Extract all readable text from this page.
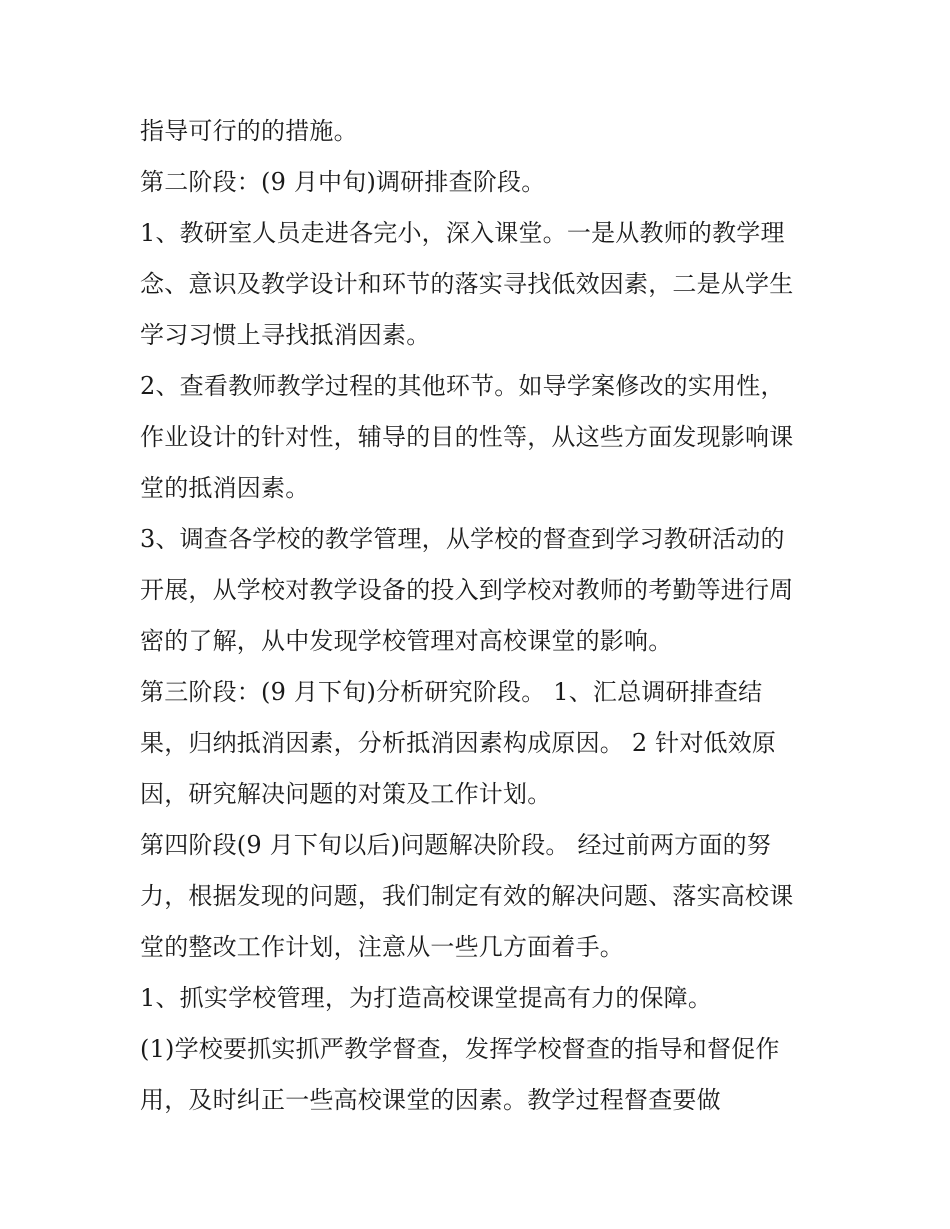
指导可行的的措施。
第二阶段：(9 月中旬)调研排查阶段。
1、教研室人员走进各完小，深入课堂。一是从教师的教学理
念、意识及教学设计和环节的落实寻找低效因素，二是从学生
学习习惯上寻找抵消因素。
2、查看教师教学过程的其他环节。如导学案修改的实用性，
作业设计的针对性，辅导的目的性等，从这些方面发现影响课
堂的抵消因素。
3、调查各学校的教学管理，从学校的督查到学习教研活动的
开展，从学校对教学设备的投入到学校对教师的考勤等进行周
密的了解，从中发现学校管理对高校课堂的影响。
第三阶段：(9 月下旬)分析研究阶段。 1、汇总调研排查结
果，归纳抵消因素，分析抵消因素构成原因。 2 针对低效原
因，研究解决问题的对策及工作计划。
第四阶段(9 月下旬以后)问题解决阶段。 经过前两方面的努
力，根据发现的问题，我们制定有效的解决问题、落实高校课
堂的整改工作计划，注意从一些几方面着手。
1、抓实学校管理，为打造高校课堂提高有力的保障。
(1)学校要抓实抓严教学督查，发挥学校督查的指导和督促作
用，及时纠正一些高校课堂的因素。教学过程督查要做
